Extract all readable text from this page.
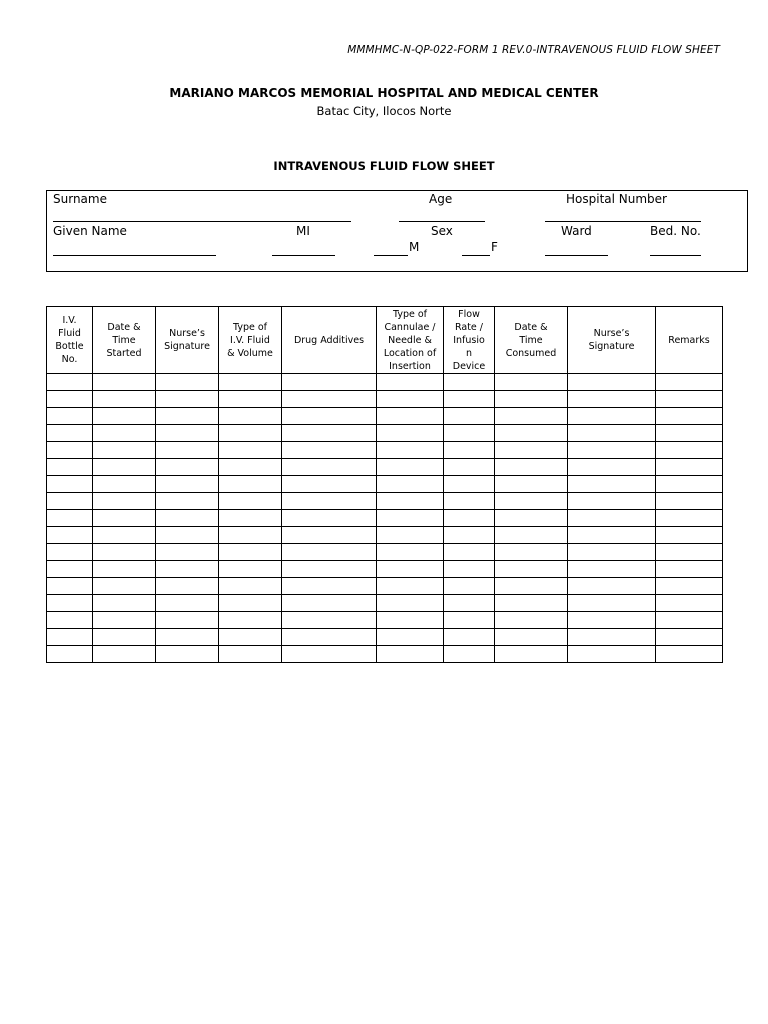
MMMHMC-N-QP-022-FORM 1 REV.0-INTRAVENOUS FLUID FLOW SHEET
MARIANO MARCOS MEMORIAL HOSPITAL AND MEDICAL CENTER
Batac City, Ilocos Norte
INTRAVENOUS FLUID FLOW SHEET
Surname	Age	Hospital Number
Given Name	MI	Sex	Ward	Bed. No.
M	F
I.V.
Fluid
Bottle
No.	Date &
Time
Started	Nurse’s
Signature	Type of
I.V. Fluid
& Volume	Drug Additives	Type of
Cannulae /
Needle &
Location of
Insertion	Flow
Rate /
Infusio
n
Device	Date &
Time
Consumed	Nurse’s
Signature	Remarks
